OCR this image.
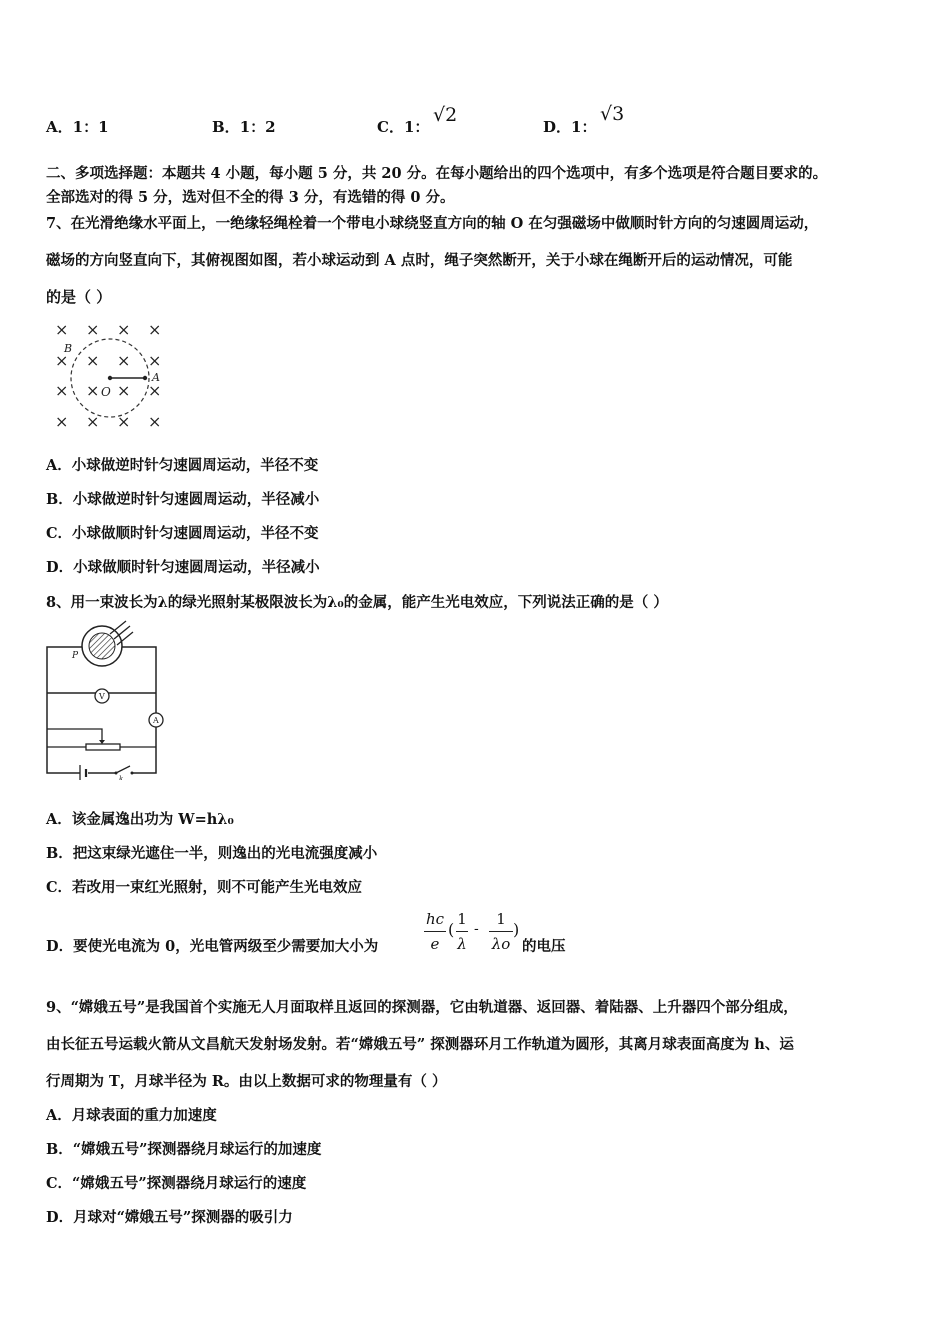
A．1：1	B．1：2	C．1：
√2
D．1：
√3
二、多项选择题：本题共 4 小题，每小题 5 分，共 20 分。在每小题给出的四个选项中，有多个选项是符合题目要求的。
全部选对的得 5 分，选对但不全的得 3 分，有选错的得 0 分。
7、在光滑绝缘水平面上，一绝缘轻绳栓着一个带电小球绕竖直方向的轴 O 在匀强磁场中做顺时针方向的匀速圆周运动，
磁场的方向竖直向下，其俯视图如图，若小球运动到 A 点时，绳子突然断开，关于小球在绳断开后的运动情况，可能
的是（ ）
× × × ×
× × × ×
× × × ×
× × × ×
B
A
O
A．小球做逆时针匀速圆周运动，半径不变
B．小球做逆时针匀速圆周运动，半径减小
C．小球做顺时针匀速圆周运动，半径不变
D．小球做顺时针匀速圆周运动，半径减小
8、用一束波长为λ的绿光照射某极限波长为λ₀的金属，能产生光电效应，下列说法正确的是（ ）
P
V
A
k
A．该金属逸出功为 W=hλ₀
B．把这束绿光遮住一半，则逸出的光电流强度减小
C．若改用一束红光照射，则不可能产生光电效应
D．要使光电流为 0，光电管两级至少需要加大小为
hc
e
(
1
λ
-
1
λo
)
的电压
9、“嫦娥五号”是我国首个实施无人月面取样且返回的探测器，它由轨道器、返回器、着陆器、上升器四个部分组成，
由长征五号运载火箭从文昌航天发射场发射。若“嫦娥五号” 探测器环月工作轨道为圆形，其离月球表面高度为 h、运
行周期为 T，月球半径为 R。由以上数据可求的物理量有（ ）
A．月球表面的重力加速度
B．“嫦娥五号”探测器绕月球运行的加速度
C．“嫦娥五号”探测器绕月球运行的速度
D．月球对“嫦娥五号”探测器的吸引力
